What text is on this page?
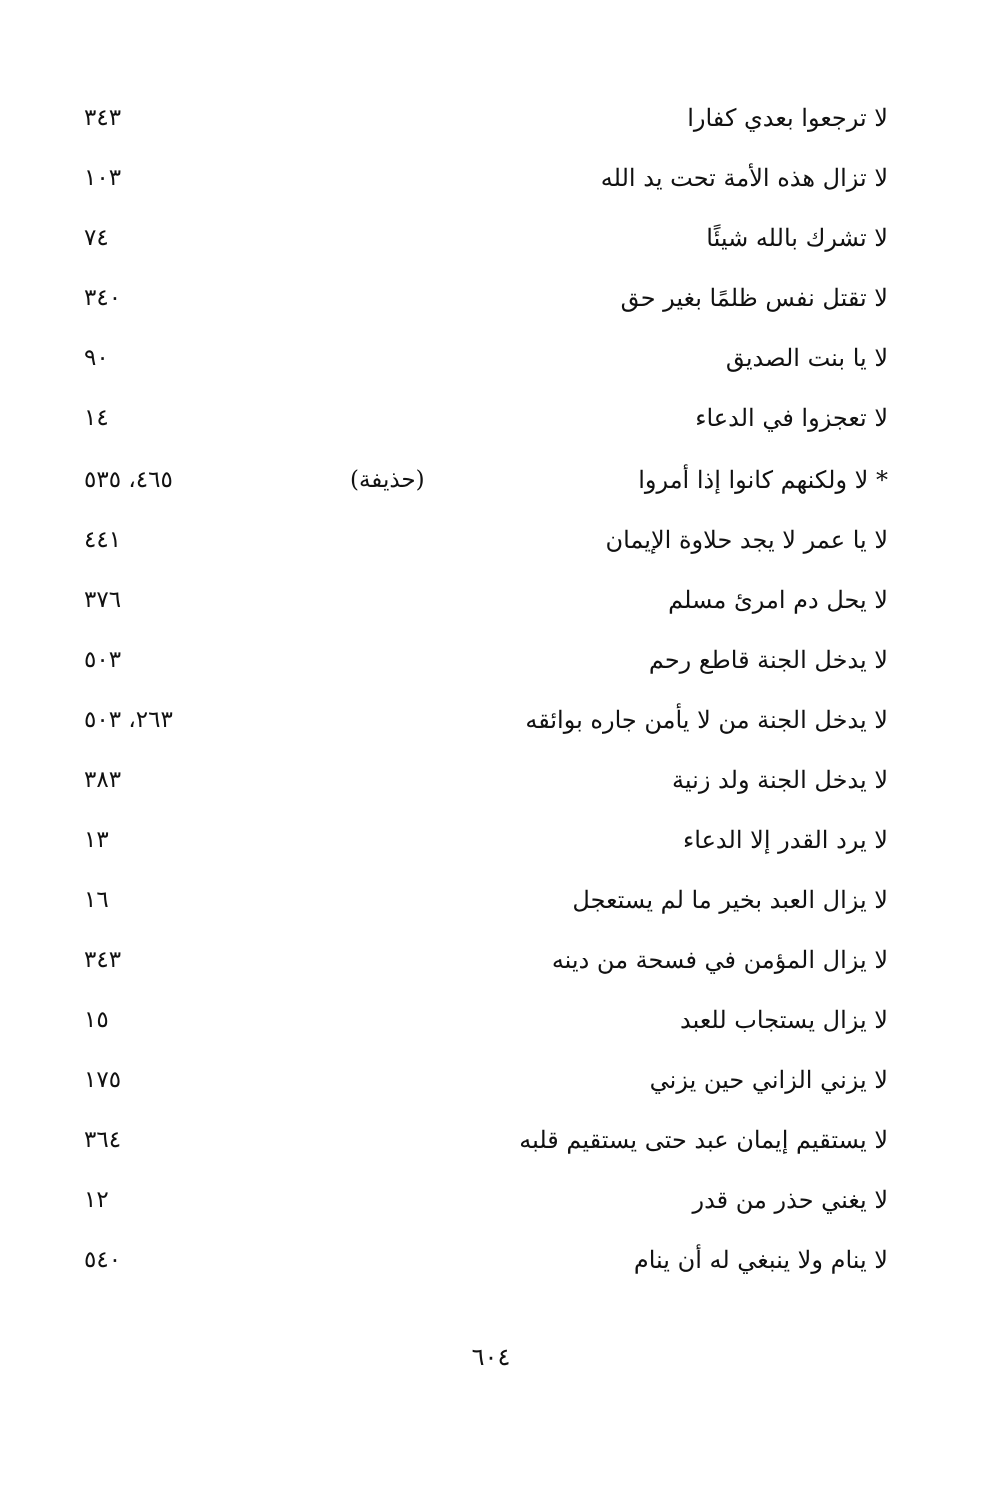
لا ترجعوا بعدي كفارا
٣٤٣
لا تزال هذه الأمة تحت يد الله
١٠٣
لا تشرك بالله شيئًا
٧٤
لا تقتل نفس ظلمًا بغير حق
٣٤٠
لا يا بنت الصديق
٩٠
لا تعجزوا في الدعاء
١٤
* لا ولكنهم كانوا إذا أمروا
(حذيفة)
٤٦٥، ٥٣٥
لا يا عمر لا يجد حلاوة الإيمان
٤٤١
لا يحل دم امرئ مسلم
٣٧٦
لا يدخل الجنة قاطع رحم
٥٠٣
لا يدخل الجنة من لا يأمن جاره بوائقه
٢٦٣، ٥٠٣
لا يدخل الجنة ولد زنية
٣٨٣
لا يرد القدر إلا الدعاء
١٣
لا يزال العبد بخير ما لم يستعجل
١٦
لا يزال المؤمن في فسحة من دينه
٣٤٣
لا يزال يستجاب للعبد
١٥
لا يزني الزاني حين يزني
١٧٥
لا يستقيم إيمان عبد حتى يستقيم قلبه
٣٦٤
لا يغني حذر من قدر
١٢
لا ينام ولا ينبغي له أن ينام
٥٤٠
٦٠٤
